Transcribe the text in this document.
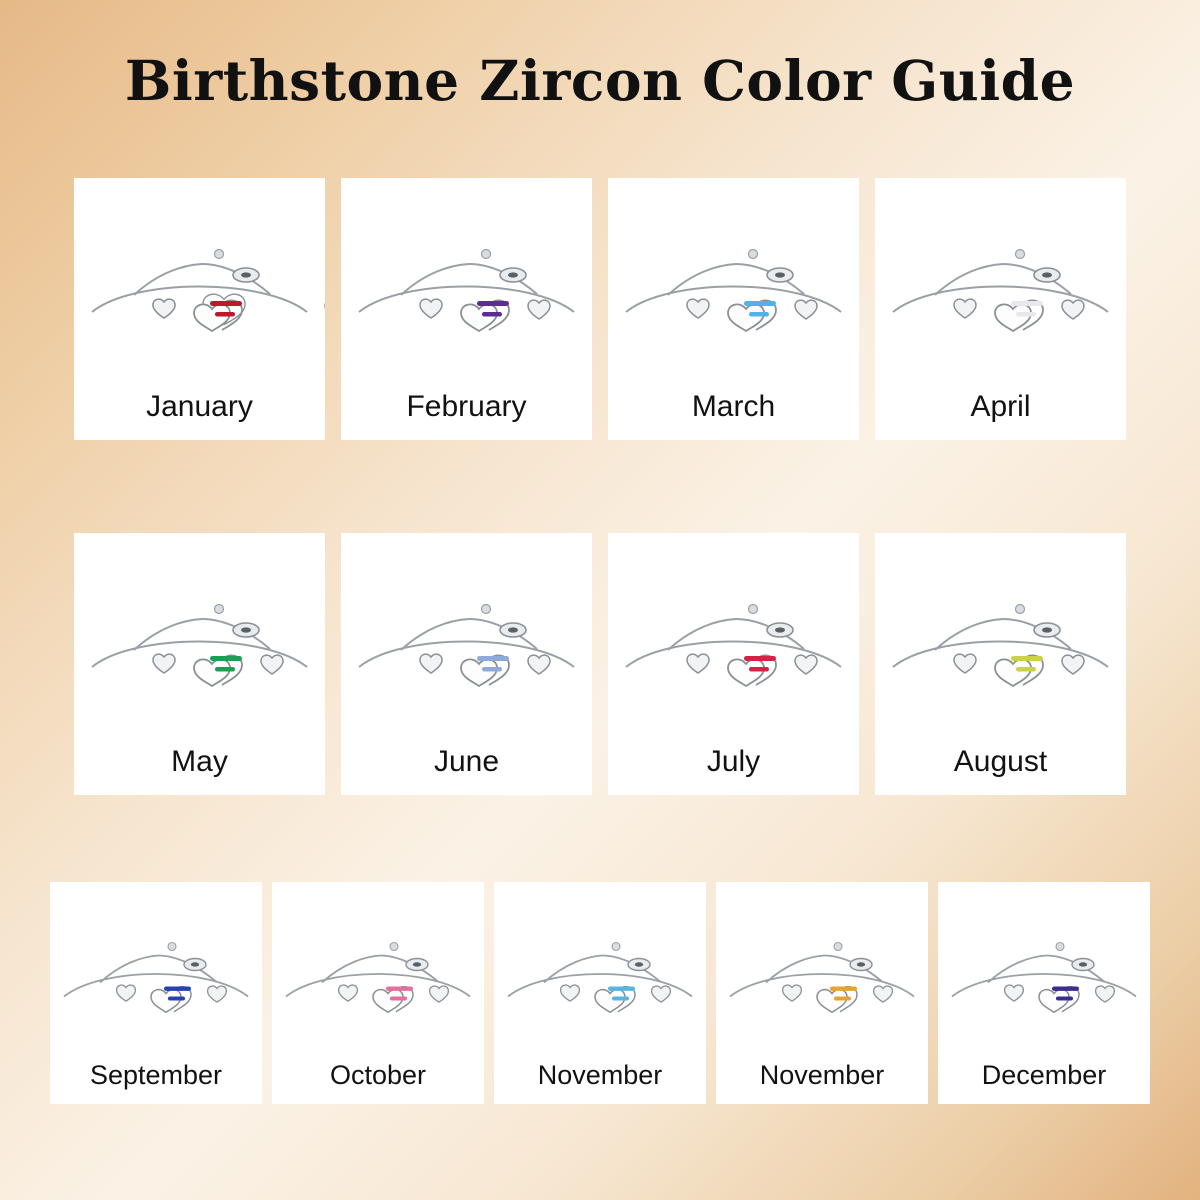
Birthstone Zircon Color Guide
January	February	March	April
May	June	July	August
September	October	November	November	December
